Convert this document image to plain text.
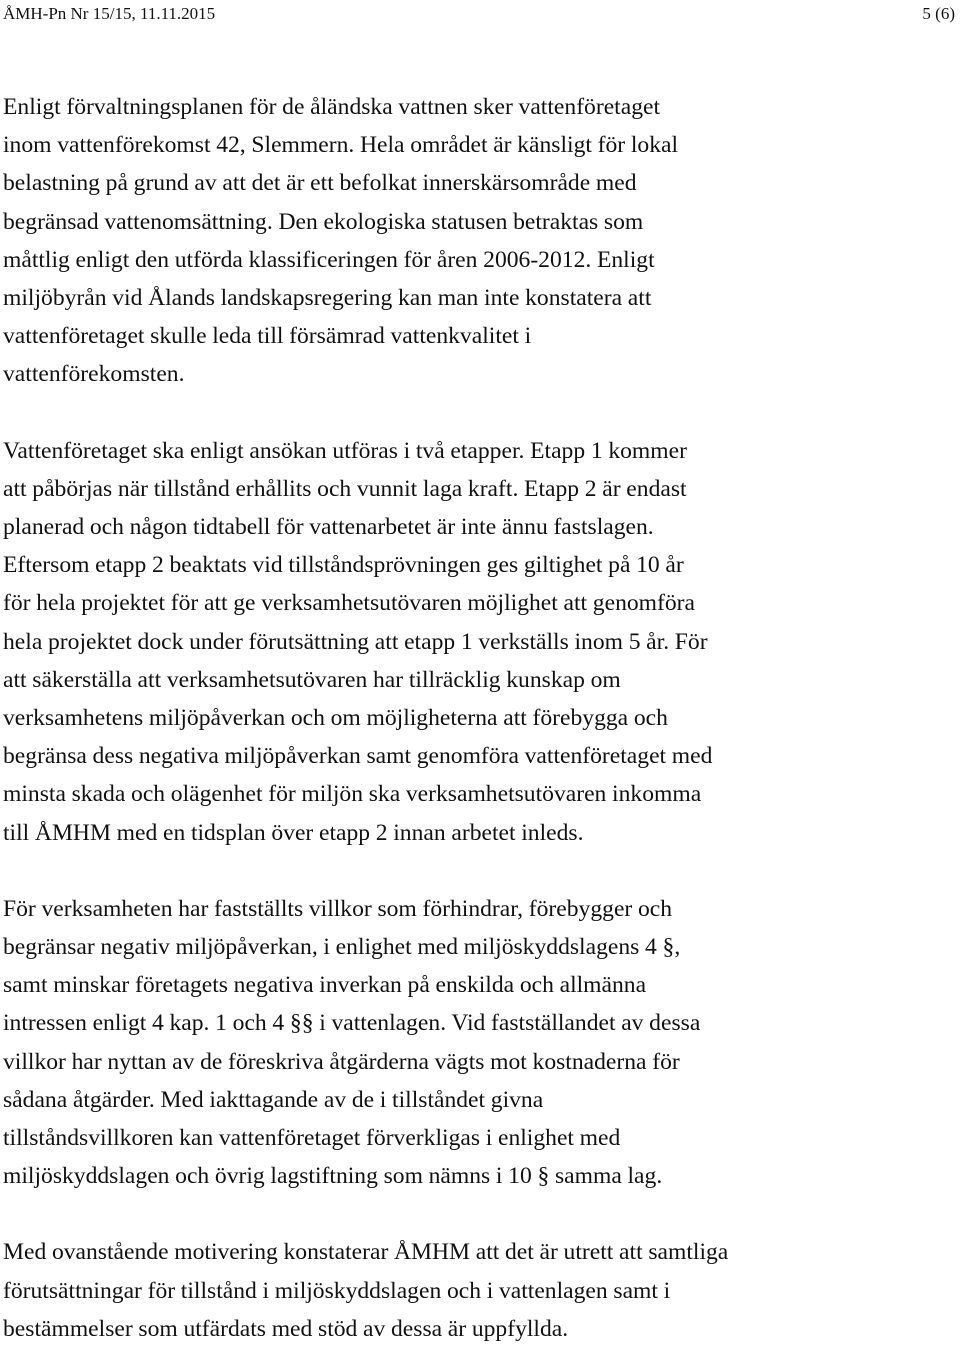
ÅMH-Pn Nr 15/15, 11.11.2015	5 (6)

Enligt förvaltningsplanen för de åländska vattnen sker vattenföretaget
inom vattenförekomst 42, Slemmern. Hela området är känsligt för lokal
belastning på grund av att det är ett befolkat innerskärsområde med
begränsad vattenomsättning. Den ekologiska statusen betraktas som
måttlig enligt den utförda klassificeringen för åren 2006-2012. Enligt
miljöbyrån vid Ålands landskapsregering kan man inte konstatera att
vattenföretaget skulle leda till försämrad vattenkvalitet i
vattenförekomsten.

Vattenföretaget ska enligt ansökan utföras i två etapper. Etapp 1 kommer
att påbörjas när tillstånd erhållits och vunnit laga kraft. Etapp 2 är endast
planerad och någon tidtabell för vattenarbetet är inte ännu fastslagen.
Eftersom etapp 2 beaktats vid tillståndsprövningen ges giltighet på 10 år
för hela projektet för att ge verksamhetsutövaren möjlighet att genomföra
hela projektet dock under förutsättning att etapp 1 verkställs inom 5 år. För
att säkerställa att verksamhetsutövaren har tillräcklig kunskap om
verksamhetens miljöpåverkan och om möjligheterna att förebygga och
begränsa dess negativa miljöpåverkan samt genomföra vattenföretaget med
minsta skada och olägenhet för miljön ska verksamhetsutövaren inkomma
till ÅMHM med en tidsplan över etapp 2 innan arbetet inleds.

För verksamheten har fastställts villkor som förhindrar, förebygger och
begränsar negativ miljöpåverkan, i enlighet med miljöskyddslagens 4 §,
samt minskar företagets negativa inverkan på enskilda och allmänna
intressen enligt 4 kap. 1 och 4 §§ i vattenlagen. Vid fastställandet av dessa
villkor har nyttan av de föreskriva åtgärderna vägts mot kostnaderna för
sådana åtgärder. Med iakttagande av de i tillståndet givna
tillståndsvillkoren kan vattenföretaget förverkligas i enlighet med
miljöskyddslagen och övrig lagstiftning som nämns i 10 § samma lag.

Med ovanstående motivering konstaterar ÅMHM att det är utrett att samtliga
förutsättningar för tillstånd i miljöskyddslagen och i vattenlagen samt i
bestämmelser som utfärdats med stöd av dessa är uppfyllda.
